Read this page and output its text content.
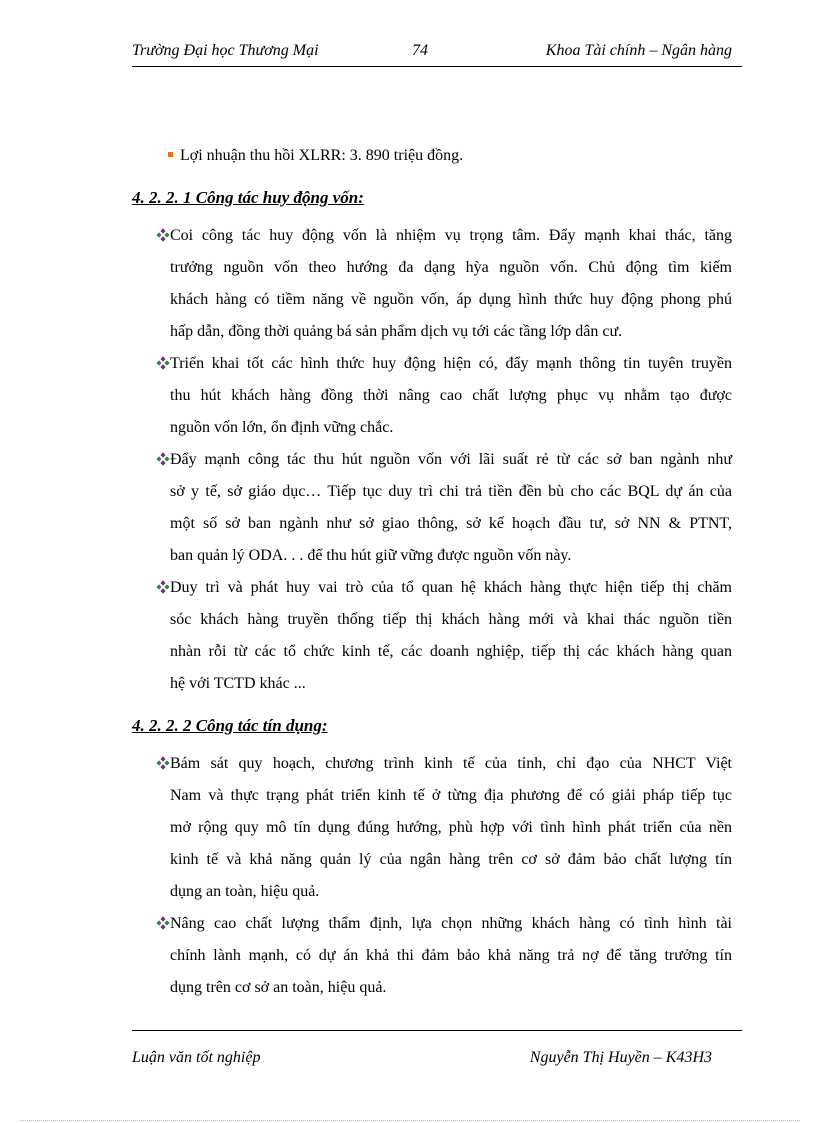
Trường Đại học Thương Mại	74	Khoa Tài chính – Ngân hàng
Lợi nhuận thu hồi XLRR: 3. 890 triệu đồng.
4. 2. 2. 1 Công tác huy động vốn:
Coi công tác huy động vốn là nhiệm vụ trọng tâm. Đẩy mạnh khai thác, tăng
trưởng nguồn vốn theo hướng đa dạng hỳa nguồn vốn. Chủ động tìm kiếm
khách hàng có tiềm năng về nguồn vốn, áp dụng hình thức huy động phong phú
hấp dẫn, đồng thời quảng bá sản phẩm dịch vụ tới các tầng lớp dân cư.
Triển khai tốt các hình thức huy động hiện có, đẩy mạnh thông tin tuyên truyền
thu hút khách hàng đồng thời nâng cao chất lượng phục vụ nhằm tạo được
nguồn vốn lớn, ổn định vững chắc.
Đẩy mạnh công tác thu hút nguồn vốn với lãi suất rẻ từ các sở ban ngành như
sở y tế, sở giáo dục… Tiếp tục duy trì chi trả tiền đền bù cho các BQL dự án của
một số sở ban ngành như sở giao thông, sở kế hoạch đầu tư, sở NN & PTNT,
ban quản lý ODA. . . để thu hút giữ vững được nguồn vốn này.
Duy trì và phát huy vai trò của tổ quan hệ khách hàng thực hiện tiếp thị chăm
sóc khách hàng truyền thống tiếp thị khách hàng mới và khai thác nguồn tiền
nhàn rỗi từ các tổ chức kinh tế, các doanh nghiệp, tiếp thị các khách hàng quan
hệ với TCTD khác ...
4. 2. 2. 2 Công tác tín dụng:
Bám sát quy hoạch, chương trình kinh tế của tỉnh, chỉ đạo của NHCT Việt
Nam và thực trạng phát triển kinh tế ở từng địa phương để có giải pháp tiếp tục
mở rộng quy mô tín dụng đúng hướng, phù hợp với tình hình phát triển của nền
kinh tế và khả năng quản lý của ngân hàng trên cơ sở đảm bảo chất lượng tín
dụng an toàn, hiệu quả.
Nâng cao chất lượng thẩm định, lựa chọn những khách hàng có tình hình tài
chính lành mạnh, có dự án khả thi đảm bảo khả năng trả nợ để tăng trưởng tín
dụng trên cơ sở an toàn, hiệu quả.
Luận văn tốt nghiệp	Nguyễn Thị Huyền – K43H3
